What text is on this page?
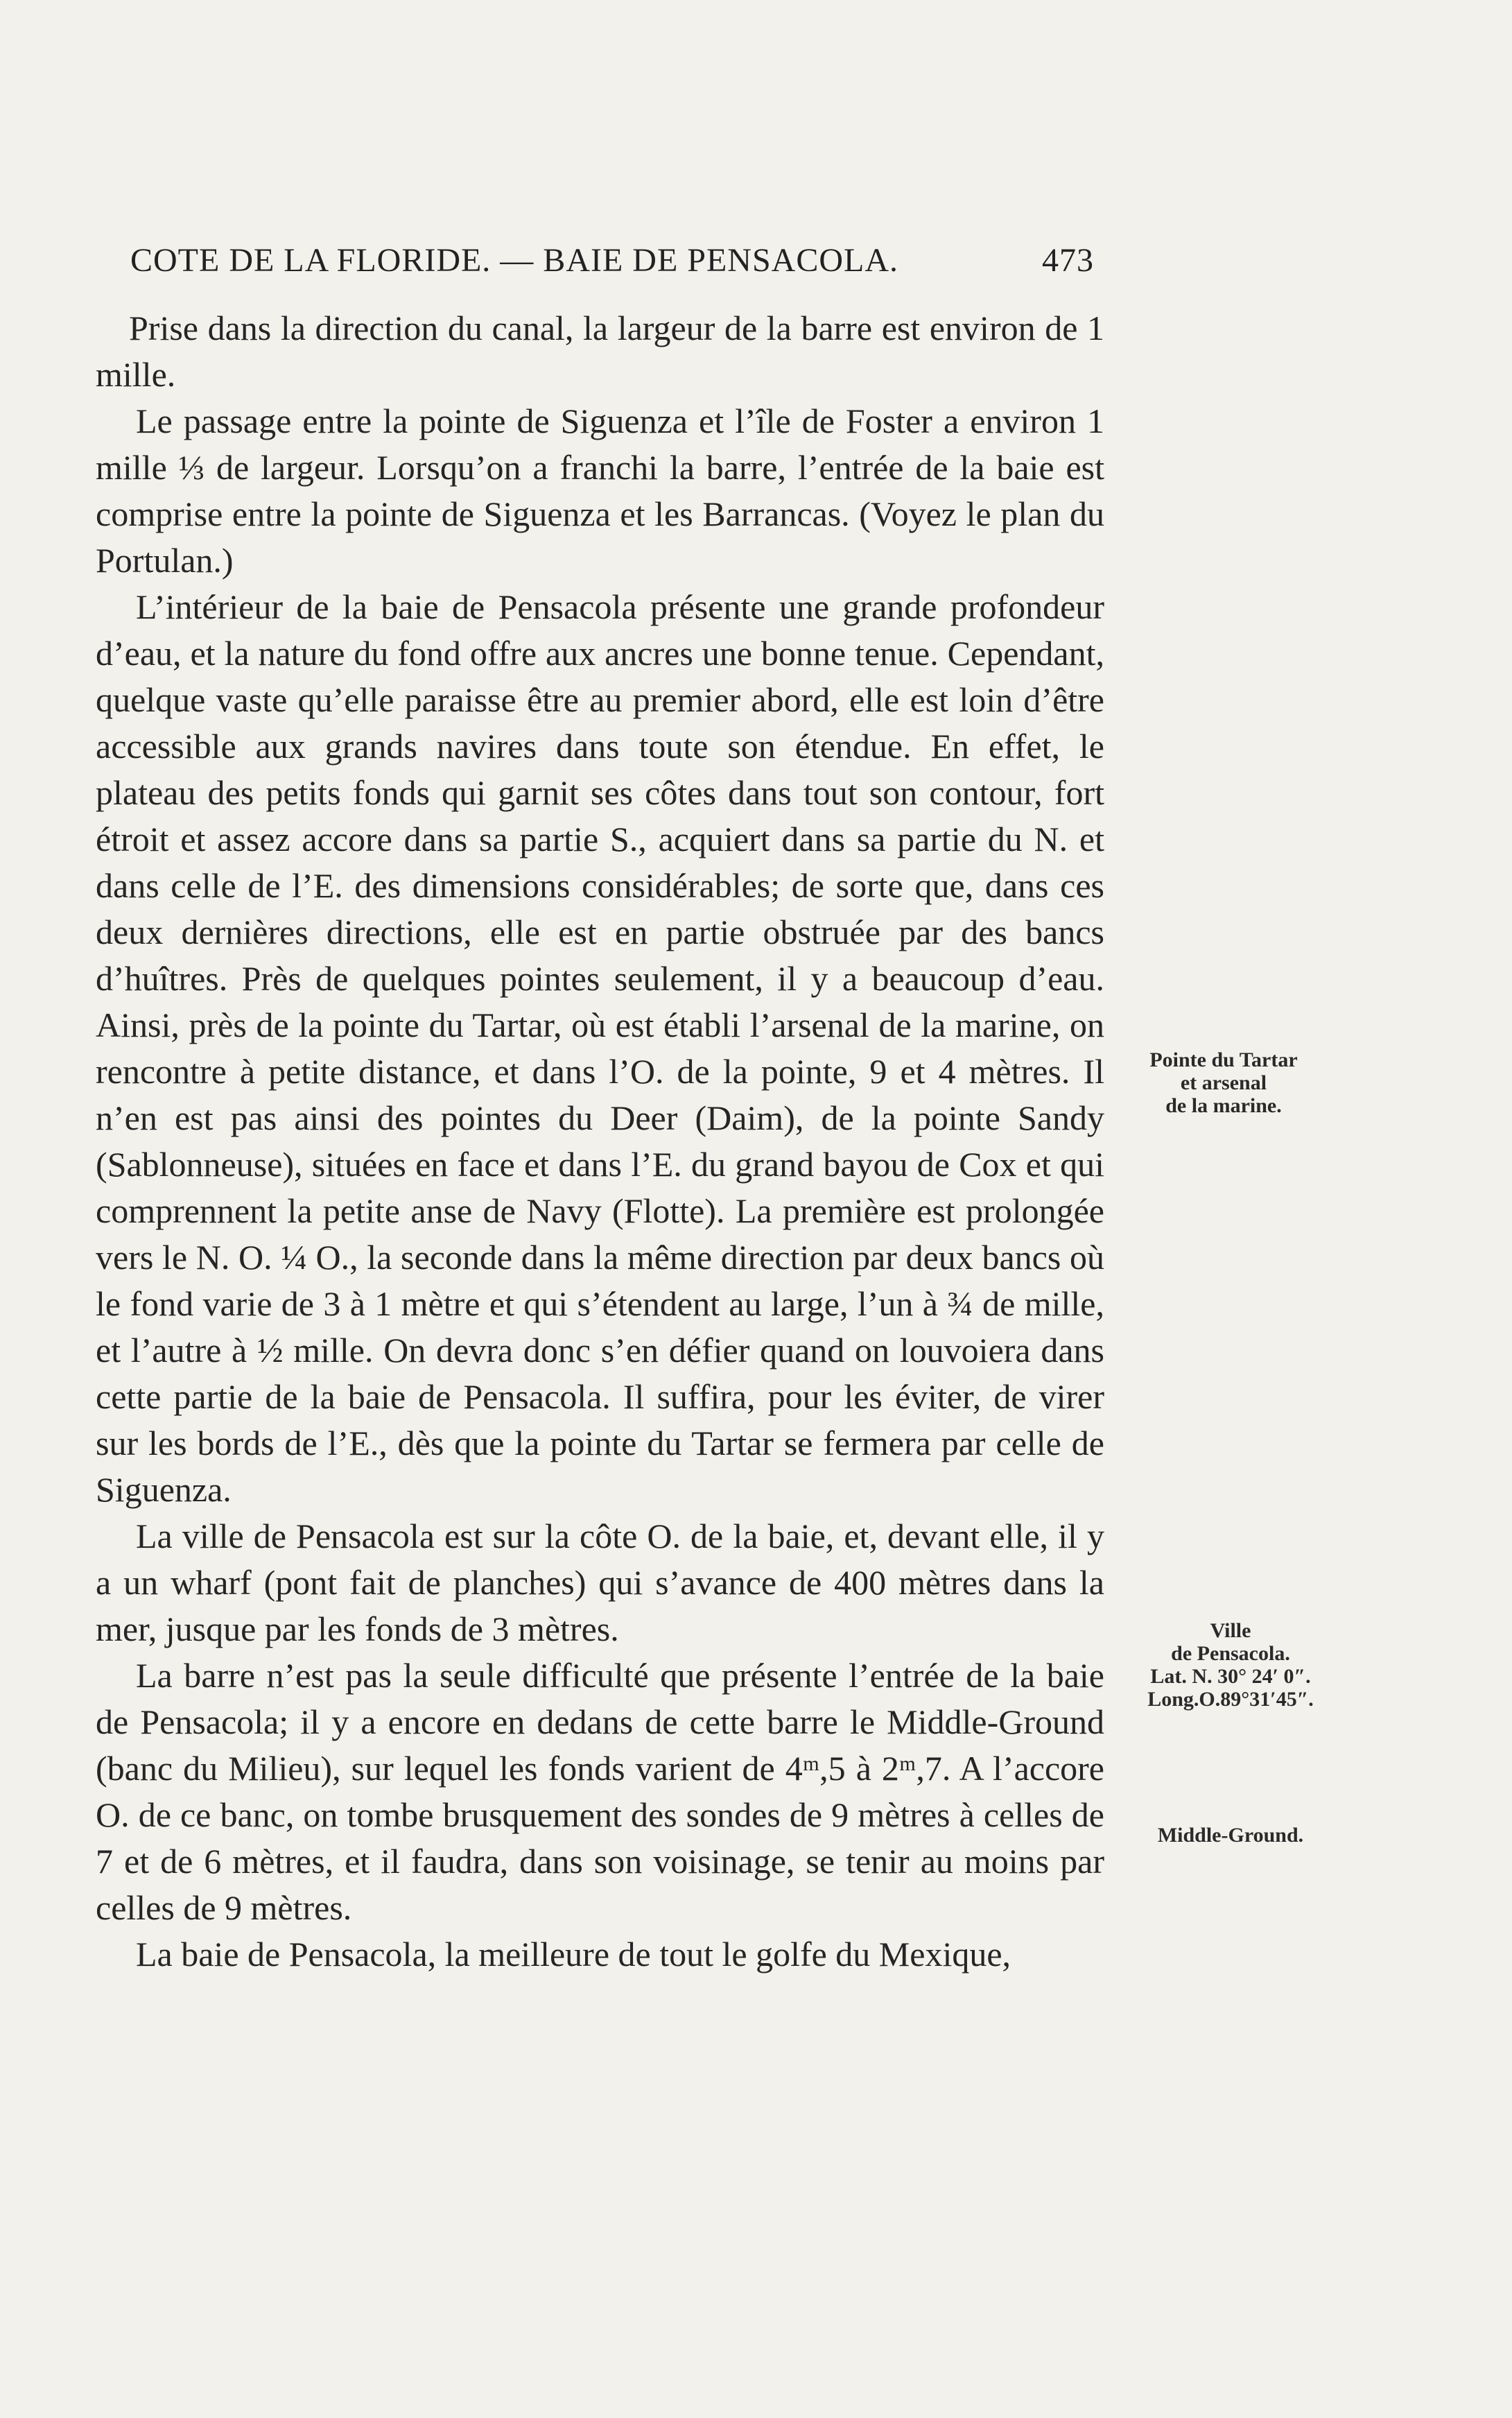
COTE DE LA FLORIDE. — BAIE DE PENSACOLA.	473

Prise dans la direction du canal, la largeur de la barre est environ de 1 mille.

Le passage entre la pointe de Siguenza et l’île de Foster a environ 1 mille ⅓ de largeur. Lorsqu’on a franchi la barre, l’entrée de la baie est comprise entre la pointe de Siguenza et les Barrancas. (Voyez le plan du Portulan.)

L’intérieur de la baie de Pensacola présente une grande profondeur d’eau, et la nature du fond offre aux ancres une bonne tenue. Cependant, quelque vaste qu’elle paraisse être au premier abord, elle est loin d’être accessible aux grands navires dans toute son étendue. En effet, le plateau des petits fonds qui garnit ses côtes dans tout son contour, fort étroit et assez accore dans sa partie S., acquiert dans sa partie du N. et dans celle de l’E. des dimensions considérables; de sorte que, dans ces deux dernières directions, elle est en partie obstruée par des bancs d’huîtres. Près de quelques pointes seulement, il y a beaucoup d’eau. Ainsi, près de la pointe du Tartar, où est établi l’arsenal de la marine, on rencontre à petite distance, et dans l’O. de la pointe, 9 et 4 mètres. Il n’en est pas ainsi des pointes du Deer (Daim), de la pointe Sandy (Sablonneuse), situées en face et dans l’E. du grand bayou de Cox et qui comprennent la petite anse de Navy (Flotte). La première est prolongée vers le N. O. ¼ O., la seconde dans la même direction par deux bancs où le fond varie de 3 à 1 mètre et qui s’étendent au large, l’un à ¾ de mille, et l’autre à ½ mille. On devra donc s’en défier quand on louvoiera dans cette partie de la baie de Pensacola. Il suffira, pour les éviter, de virer sur les bords de l’E., dès que la pointe du Tartar se fermera par celle de Siguenza.

La ville de Pensacola est sur la côte O. de la baie, et, devant elle, il y a un wharf (pont fait de planches) qui s’avance de 400 mètres dans la mer, jusque par les fonds de 3 mètres.

La barre n’est pas la seule difficulté que présente l’entrée de la baie de Pensacola; il y a encore en dedans de cette barre le Middle-Ground (banc du Milieu), sur lequel les fonds varient de 4ᵐ,5 à 2ᵐ,7. A l’accore O. de ce banc, on tombe brusquement des sondes de 9 mètres à celles de 7 et de 6 mètres, et il faudra, dans son voisinage, se tenir au moins par celles de 9 mètres.

La baie de Pensacola, la meilleure de tout le golfe du Mexique,

Pointe du Tartar
et arsenal
de la marine.
Ville
de Pensacola.
Lat. N. 30° 24′ 0″.
Long.O.89°31′45″.
Middle-Ground.
